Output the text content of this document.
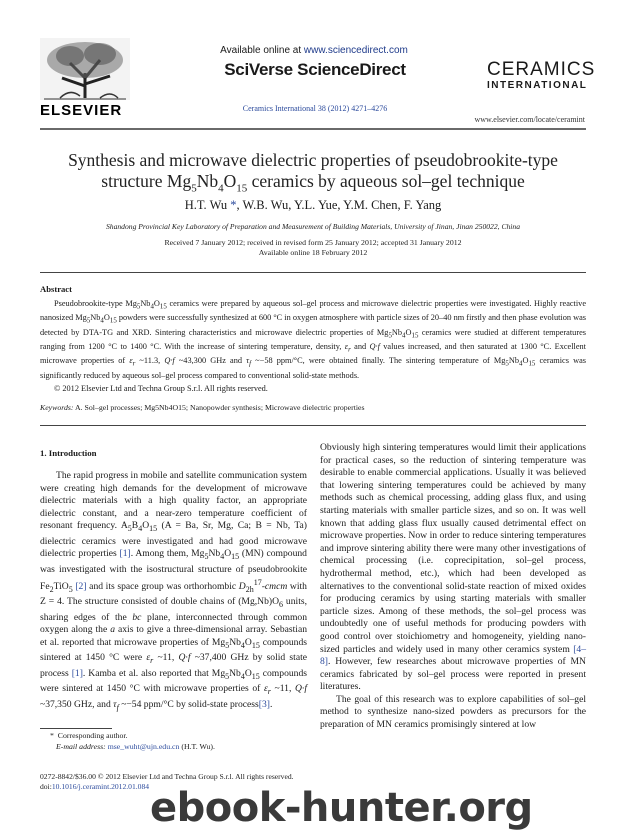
ELSEVIER
Available online at www.sciencedirect.com
SciVerse ScienceDirect
Ceramics International 38 (2012) 4271–4276
CERAMICS
INTERNATIONAL
www.elsevier.com/locate/ceramint
Synthesis and microwave dielectric properties of pseudobrookite-type
structure $Mg_5Nb_4O_{15}$ ceramics by aqueous sol–gel technique
H.T. Wu *, W.B. Wu, Y.L. Yue, Y.M. Chen, F. Yang
Shandong Provincial Key Laboratory of Preparation and Measurement of Building Materials, University of Jinan, Jinan 250022, China
Received 7 January 2012; received in revised form 25 January 2012; accepted 31 January 2012
Available online 18 February 2012
Abstract

Pseudobrookite-type $Mg_5Nb_4O_{15}$ ceramics were prepared by aqueous sol–gel process and microwave dielectric properties were investigated. Highly reactive nanosized $Mg_5Nb_4O_{15}$ powders were successfully synthesized at 600 °C in oxygen atmosphere with particle sizes of 20–40 nm firstly and then phase evolution was detected by DTA-TG and XRD. Sintering characteristics and microwave dielectric properties of $Mg_5Nb_4O_{15}$ ceramics were studied at different temperatures ranging from 1200 °C to 1400 °C. With the increase of sintering temperature, density, $\varepsilon_r$ and Q·f values increased, and then saturated at 1300 °C. Excellent microwave properties of $\varepsilon_r$ ~11.3, Q·f ~43,300 GHz and $\tau_f$ ~−58 ppm/°C, were obtained finally. The sintering temperature of $Mg_5Nb_4O_{15}$ ceramics was significantly reduced by aqueous sol–gel process compared to conventional solid-state methods.

© 2012 Elsevier Ltd and Techna Group S.r.l. All rights reserved.
Keywords: A. Sol–gel processes; Mg5Nb4O15; Nanopowder synthesis; Microwave dielectric properties
1. Introduction

The rapid progress in mobile and satellite communication system were creating high demands for the development of microwave dielectric materials with a high quality factor, an appropriate dielectric constant, and a near-zero temperature coefficient of resonant frequency. $A_5B_4O_{15}$ (A = Ba, Sr, Mg, Ca; B = Nb, Ta) dielectric ceramics were investigated and had good microwave dielectric properties [1]. Among them, $Mg_5Nb_4O_{15}$ (MN) compound was investigated with the isostructural structure of pseudobrookite $Fe_2TiO_5$ [2] and its space group was orthorhombic $D_{2h}^{17}$-cmcm with Z = 4. The structure consisted of double chains of $(Mg,Nb)O_6$ units, sharing edges of the bc plane, interconnected through common oxygen along the a axis to give a three-dimensional array. Sebastian et al. reported that microwave properties of $Mg_5Nb_4O_{15}$ compounds sintered at 1450 °C were $\varepsilon_r$ ~11, Q·f ~37,400 GHz by solid state process [1]. Kamba et al. also reported that $Mg_5Nb_4O_{15}$ compounds were sintered at 1450 °C with microwave properties of $\varepsilon_r$ ~11, Q·f ~37,350 GHz, and $\tau_f$ ~−54 ppm/°C by solid-state process[3].

Obviously high sintering temperatures would limit their applications for practical cases, so the reduction of sintering temperature was desirable to enable commercial applications. Usually it was believed that lowering sintering temperatures could be achieved by many methods such as chemical processing, adding glass flux, and using starting materials with smaller particle sizes, and so on. It was well known that adding glass flux usually caused detrimental effect on microwave properties. Now in order to reduce sintering temperatures and improve sintering ability there were many other investigations of chemical processing (i.e. coprecipitation, sol–gel process, hydrothermal method, etc.), which had been developed as alternatives to the conventional solid-state reaction of mixed oxides for producing ceramics by using starting materials with smaller particle sizes. Among of these methods, the sol–gel process was undoubtedly one of useful methods for producing powders with good control over stoichiometry and homogeneity, yielding nano-sized particles and widely used in many other ceramics system [4–8]. However, few researches about microwave properties of MN ceramics fabricated by sol–gel process were reported in present literatures.

The goal of this research was to explore capabilities of sol–gel method to synthesize nano-sized powders as precursors for the preparation of MN ceramics promisingly sintered at low

*  Corresponding author.
E-mail address: mse_wuht@ujn.edu.cn (H.T. Wu).
0272-8842/$36.00 © 2012 Elsevier Ltd and Techna Group S.r.l. All rights reserved.
doi:10.1016/j.ceramint.2012.01.084 ebook-hunter.org
